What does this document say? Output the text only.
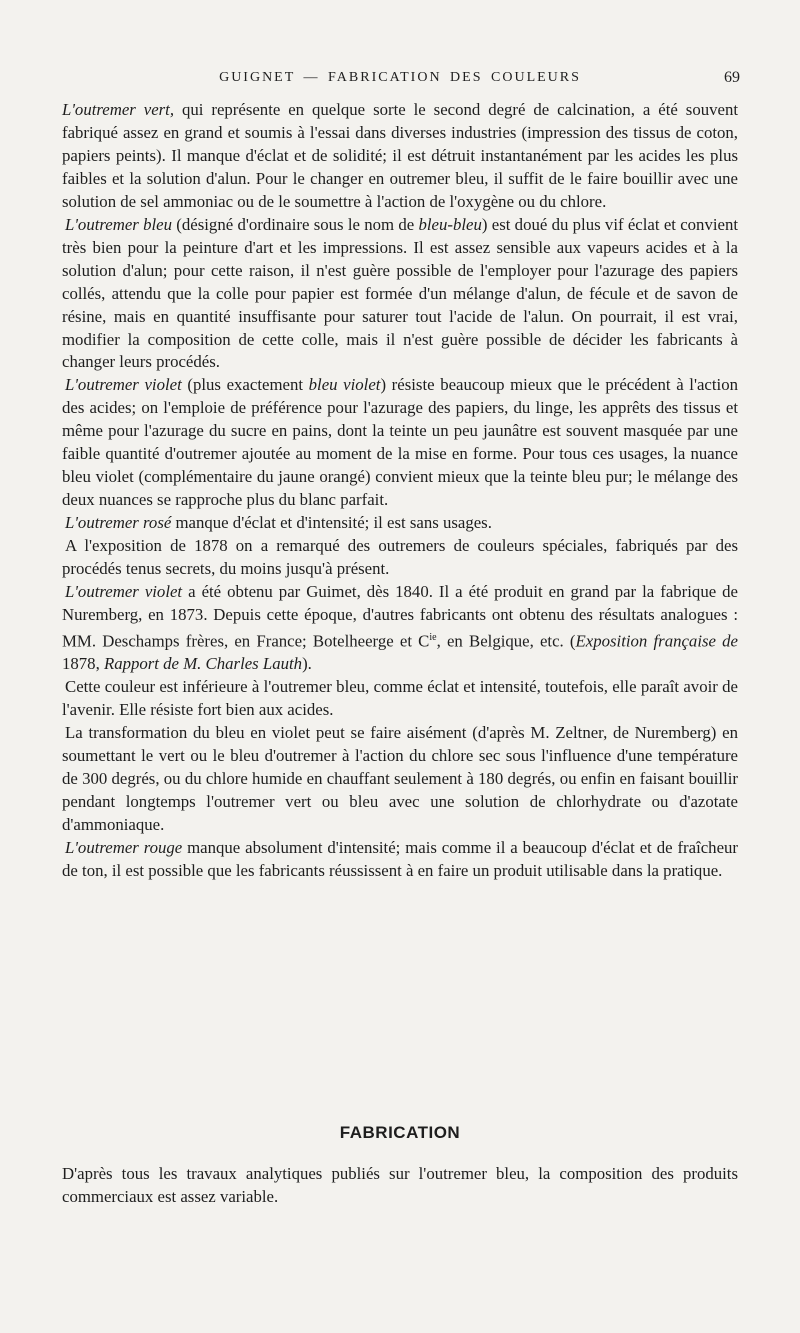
GUIGNET — FABRICATION DES COULEURS	69

L'outremer vert, qui représente en quelque sorte le second degré de calcination, a été souvent fabriqué assez en grand et soumis à l'essai dans diverses industries (impression des tissus de coton, papiers peints). Il manque d'éclat et de solidité; il est détruit instantanément par les acides les plus faibles et la solution d'alun. Pour le changer en outremer bleu, il suffit de le faire bouillir avec une solution de sel ammoniac ou de le soumettre à l'action de l'oxygène ou du chlore.

L'outremer bleu (désigné d'ordinaire sous le nom de bleu-bleu) est doué du plus vif éclat et convient très bien pour la peinture d'art et les impressions. Il est assez sensible aux vapeurs acides et à la solution d'alun; pour cette raison, il n'est guère possible de l'employer pour l'azurage des papiers collés, attendu que la colle pour papier est formée d'un mélange d'alun, de fécule et de savon de résine, mais en quantité insuffisante pour saturer tout l'acide de l'alun. On pourrait, il est vrai, modifier la composition de cette colle, mais il n'est guère possible de décider les fabricants à changer leurs procédés.

L'outremer violet (plus exactement bleu violet) résiste beaucoup mieux que le précédent à l'action des acides; on l'emploie de préférence pour l'azurage des papiers, du linge, les apprêts des tissus et même pour l'azurage du sucre en pains, dont la teinte un peu jaunâtre est souvent masquée par une faible quantité d'outremer ajoutée au moment de la mise en forme. Pour tous ces usages, la nuance bleu violet (complémentaire du jaune orangé) convient mieux que la teinte bleu pur; le mélange des deux nuances se rapproche plus du blanc parfait.

L'outremer rosé manque d'éclat et d'intensité; il est sans usages.

A l'exposition de 1878 on a remarqué des outremers de couleurs spéciales, fabriqués par des procédés tenus secrets, du moins jusqu'à présent.

L'outremer violet a été obtenu par Guimet, dès 1840. Il a été produit en grand par la fabrique de Nuremberg, en 1873. Depuis cette époque, d'autres fabricants ont obtenu des résultats analogues : MM. Deschamps frères, en France; Botelheerge et $C^{ie}$, en Belgique, etc. (Exposition française de 1878, Rapport de M. Charles Lauth).

Cette couleur est inférieure à l'outremer bleu, comme éclat et intensité, toutefois, elle paraît avoir de l'avenir. Elle résiste fort bien aux acides.

La transformation du bleu en violet peut se faire aisément (d'après M. Zeltner, de Nuremberg) en soumettant le vert ou le bleu d'outremer à l'action du chlore sec sous l'influence d'une température de 300 degrés, ou du chlore humide en chauffant seulement à 180 degrés, ou enfin en faisant bouillir pendant longtemps l'outremer vert ou bleu avec une solution de chlorhydrate ou d'azotate d'ammoniaque.

L'outremer rouge manque absolument d'intensité; mais comme il a beaucoup d'éclat et de fraîcheur de ton, il est possible que les fabricants réussissent à en faire un produit utilisable dans la pratique.

FABRICATION

D'après tous les travaux analytiques publiés sur l'outremer bleu, la composition des produits commerciaux est assez variable.
